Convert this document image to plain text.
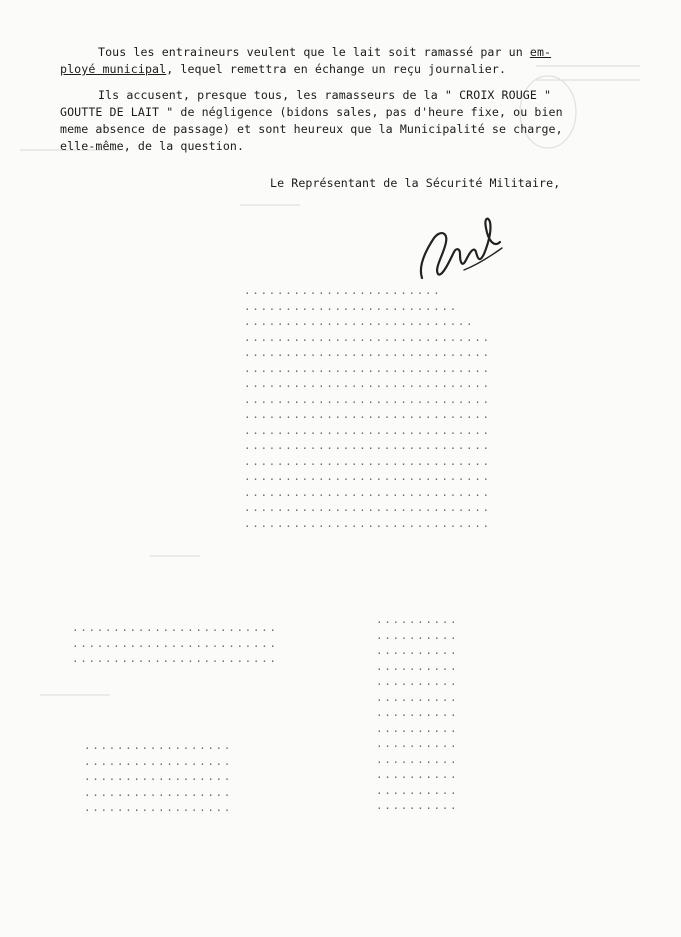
........................
..........................
............................
..............................
..............................
..............................
..............................
..............................
..............................
..............................
..............................
..............................
..............................
..............................
..............................
..............................
.........................
.........................
.........................
..................
..................
..................
..................
..................
..........
..........
..........
..........
..........
..........
..........
..........
..........
..........
..........
..........
..........
Tous les entraineurs veulent que le lait soit ramassé par un em-
ployé municipal, lequel remettra en échange un reçu journalier.
Ils accusent, presque tous, les ramasseurs de la " CROIX ROUGE "
GOUTTE DE LAIT " de négligence (bidons sales, pas d'heure fixe, ou bien
meme absence de passage) et sont heureux que la Municipalité se charge,
elle-même, de la question.
Le Représentant de la Sécurité Militaire,
